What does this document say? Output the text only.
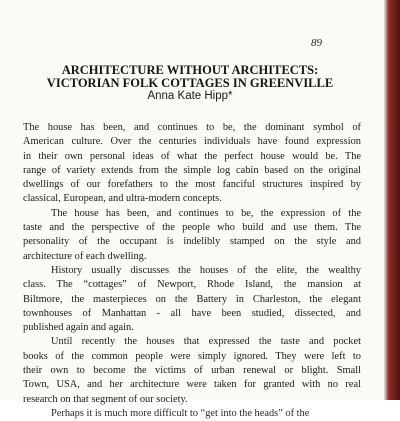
89

ARCHITECTURE WITHOUT ARCHITECTS:
VICTORIAN FOLK COTTAGES IN GREENVILLE

Anna Kate Hipp*

The house has been, and continues to be, the dominant symbol of
American culture. Over the centuries individuals have found expression
in their own personal ideas of what the perfect house would be. The
range of variety extends from the simple log cabin based on the original
dwellings of our forefathers to the most fanciful structures inspired by
classical, European, and ultra-modern concepts.
The house has been, and continues to be, the expression of the
taste and the perspective of the people who build and use them. The
personality of the occupant is indelibly stamped on the style and
architecture of each dwelling.
History usually discusses the houses of the elite, the wealthy
class. The “cottages” of Newport, Rhode Island, the mansion at
Biltmore, the masterpieces on the Battery in Charleston, the elegant
townhouses of Manhattan - all have been studied, dissected, and
published again and again.
Until recently the houses that expressed the taste and pocket
books of the common people were simply ignored. They were left to
their own to become the victims of urban renewal or blight. Small
Town, USA, and her architecture were taken for granted with no real
research on that segment of our society.
Perhaps it is much more difficult to “get into the heads” of the
